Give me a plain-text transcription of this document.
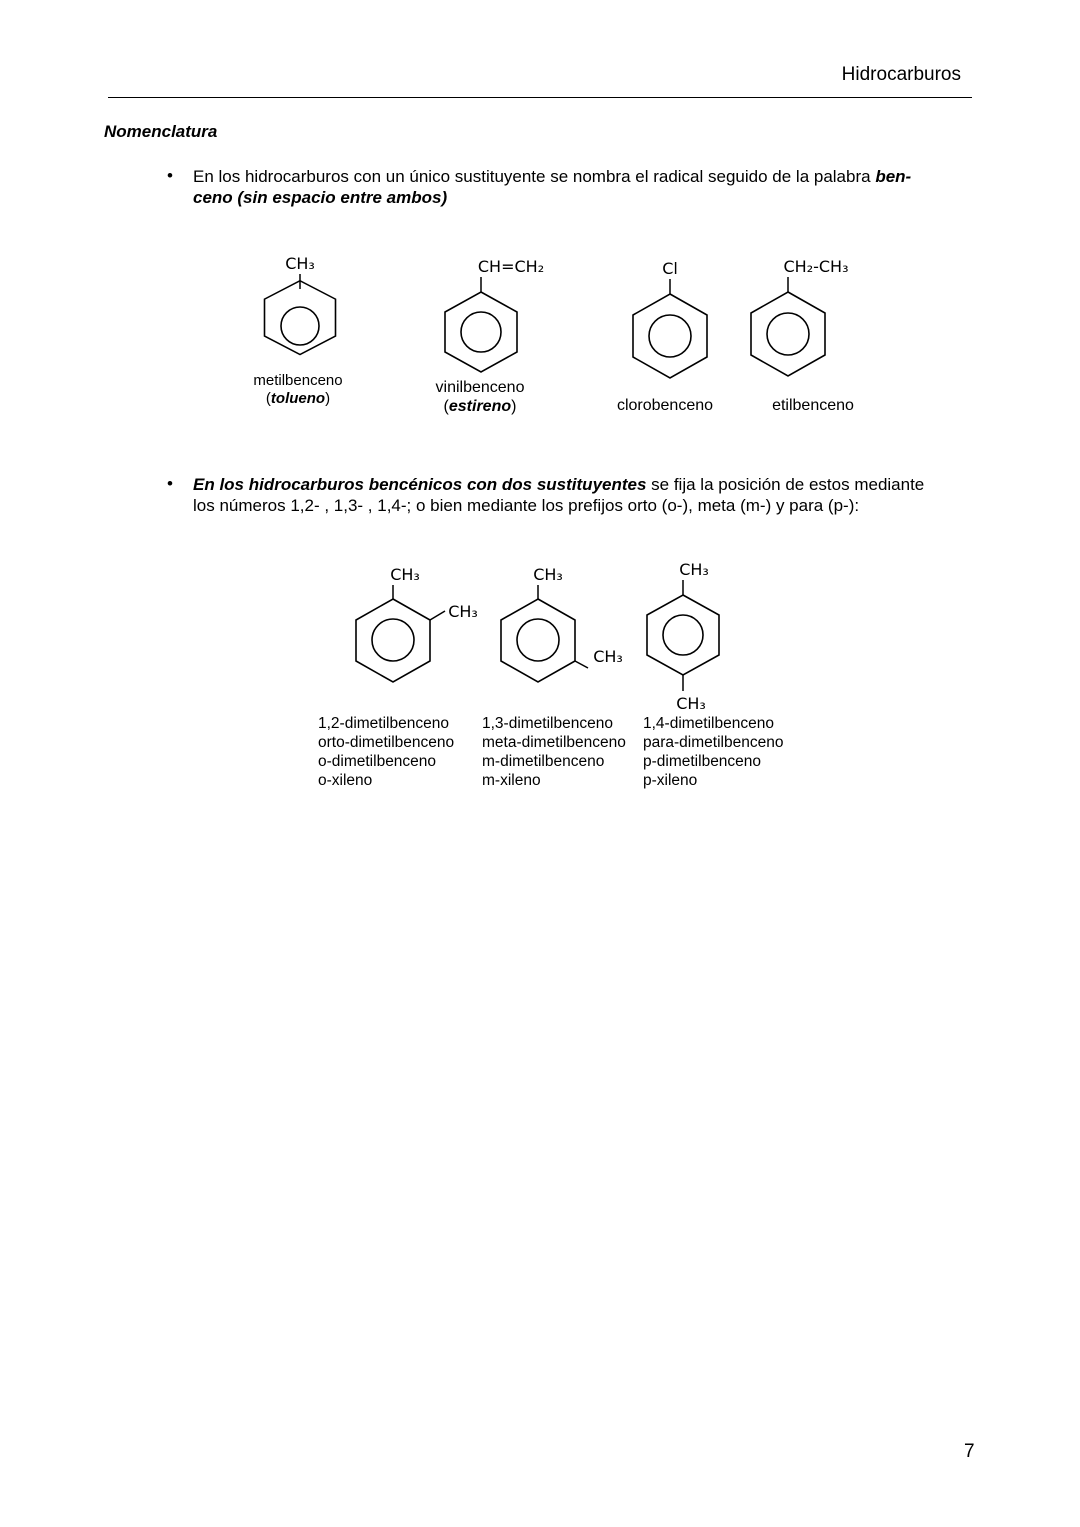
Hidrocarburos
Nomenclatura
• En los hidrocarburos con un único sustituyente se nombra el radical seguido de la palabra ben-
ceno (sin espacio entre ambos)
CH₃
metilbenceno
(tolueno)
CH=CH₂
vinilbenceno
(estireno)
Cl
clorobenceno
CH₂-CH₃
etilbenceno
• En los hidrocarburos bencénicos con dos sustituyentes se fija la posición de estos mediante
los números 1,2- , 1,3- , 1,4-; o bien mediante los prefijos orto (o-), meta (m-) y para (p-):
CH₃
CH₃
CH₃
CH₃
CH₃
CH₃
1,2-dimetilbenceno
orto-dimetilbenceno
o-dimetilbenceno
o-xileno
1,3-dimetilbenceno
meta-dimetilbenceno
m-dimetilbenceno
m-xileno
1,4-dimetilbenceno
para-dimetilbenceno
p-dimetilbenceno
p-xileno
7
